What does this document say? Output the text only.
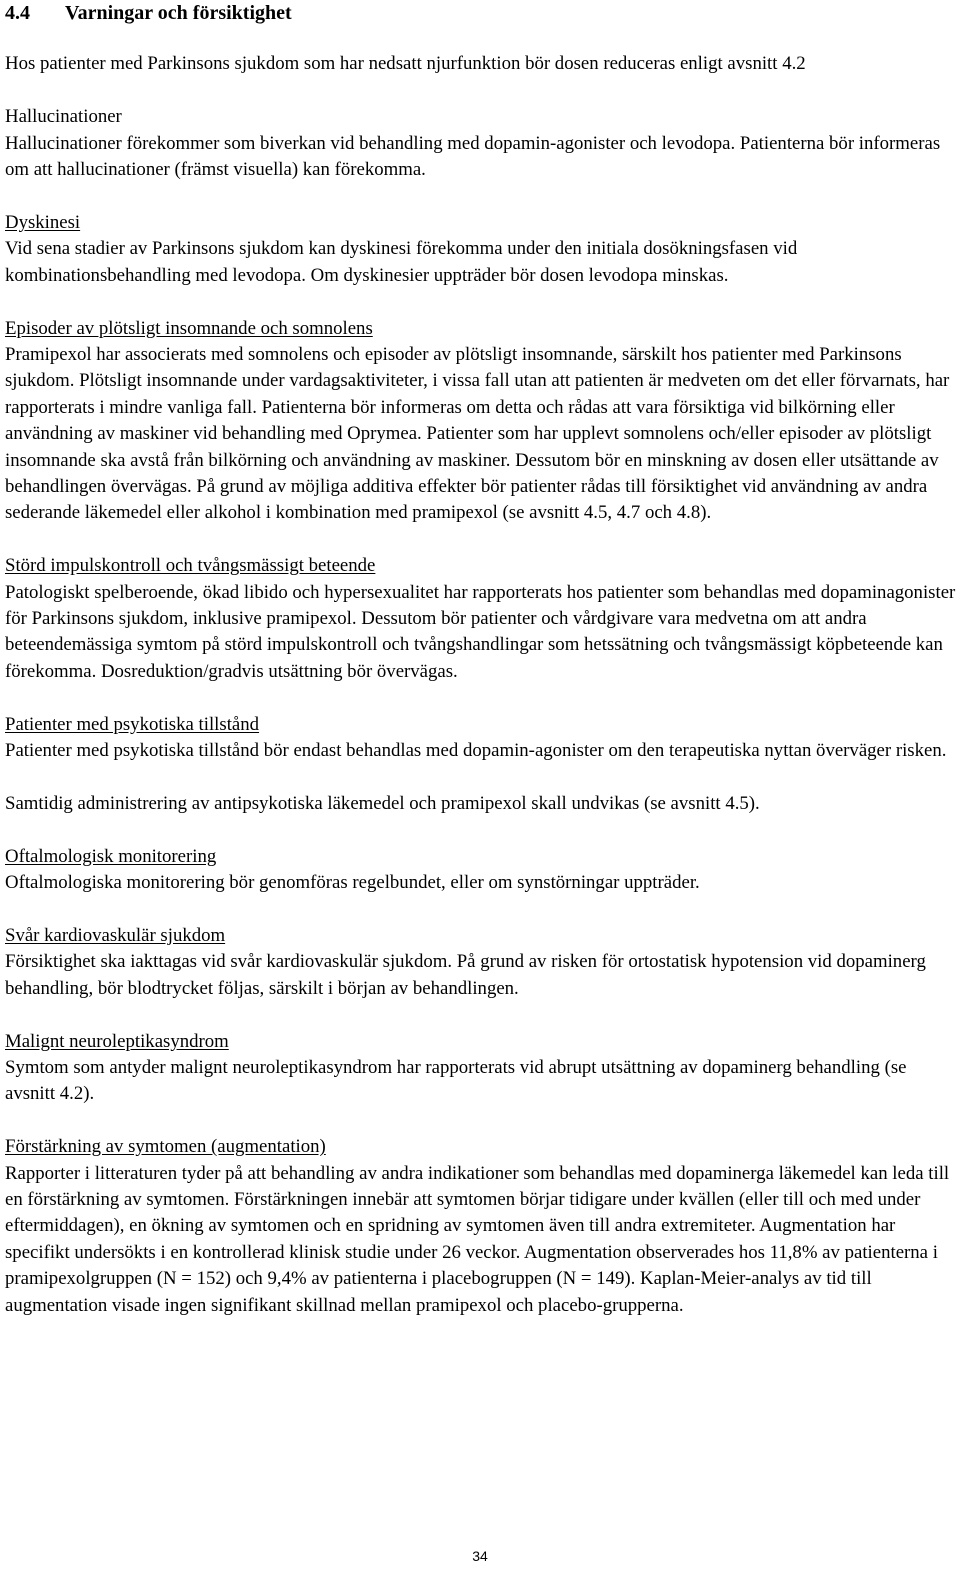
4.4 Varningar och försiktighet

Hos patienter med Parkinsons sjukdom som har nedsatt njurfunktion bör dosen reduceras enligt avsnitt 4.2

Hallucinationer

Hallucinationer förekommer som biverkan vid behandling med dopamin-agonister och levodopa. Patienterna bör informeras om att hallucinationer (främst visuella) kan förekomma.

Dyskinesi

Vid sena stadier av Parkinsons sjukdom kan dyskinesi förekomma under den initiala dosökningsfasen vid kombinationsbehandling med levodopa. Om dyskinesier uppträder bör dosen levodopa minskas.

Episoder av plötsligt insomnande och somnolens

Pramipexol har associerats med somnolens och episoder av plötsligt insomnande, särskilt hos patienter med Parkinsons sjukdom. Plötsligt insomnande under vardagsaktiviteter, i vissa fall utan att patienten är medveten om det eller förvarnats, har rapporterats i mindre vanliga fall. Patienterna bör informeras om detta och rådas att vara försiktiga vid bilkörning eller användning av maskiner vid behandling med Oprymea. Patienter som har upplevt somnolens och/eller episoder av plötsligt insomnande ska avstå från bilkörning och användning av maskiner. Dessutom bör en minskning av dosen eller utsättande av behandlingen övervägas. På grund av möjliga additiva effekter bör patienter rådas till försiktighet vid användning av andra sederande läkemedel eller alkohol i kombination med pramipexol (se avsnitt 4.5, 4.7 och 4.8).

Störd impulskontroll och tvångsmässigt beteende

Patologiskt spelberoende, ökad libido och hypersexualitet har rapporterats hos patienter som behandlas med dopaminagonister för Parkinsons sjukdom, inklusive pramipexol. Dessutom bör patienter och vårdgivare vara medvetna om att andra beteendemässiga symtom på störd impulskontroll och tvångshandlingar som hetssätning och tvångsmässigt köpbeteende kan förekomma. Dosreduktion/gradvis utsättning bör övervägas.

Patienter med psykotiska tillstånd

Patienter med psykotiska tillstånd bör endast behandlas med dopamin-agonister om den terapeutiska nyttan överväger risken.

Samtidig administrering av antipsykotiska läkemedel och pramipexol skall undvikas (se avsnitt 4.5).

Oftalmologisk monitorering

Oftalmologiska monitorering bör genomföras regelbundet, eller om synstörningar uppträder.

Svår kardiovaskulär sjukdom

Försiktighet ska iakttagas vid svår kardiovaskulär sjukdom. På grund av risken för ortostatisk hypotension vid dopaminerg behandling, bör blodtrycket följas, särskilt i början av behandlingen.

Malignt neuroleptikasyndrom

Symtom som antyder malignt neuroleptikasyndrom har rapporterats vid abrupt utsättning av dopaminerg behandling (se avsnitt 4.2).

Förstärkning av symtomen (augmentation)

Rapporter i litteraturen tyder på att behandling av andra indikationer som behandlas med dopaminerga läkemedel kan leda till en förstärkning av symtomen. Förstärkningen innebär att symtomen börjar tidigare under kvällen (eller till och med under eftermiddagen), en ökning av symtomen och en spridning av symtomen även till andra extremiteter. Augmentation har specifikt undersökts i en kontrollerad klinisk studie under 26 veckor. Augmentation observerades hos 11,8% av patienterna i pramipexolgruppen (N = 152) och 9,4% av patienterna i placebogruppen (N = 149). Kaplan-Meier-analys av tid till augmentation visade ingen signifikant skillnad mellan pramipexol och placebo-grupperna.

34
